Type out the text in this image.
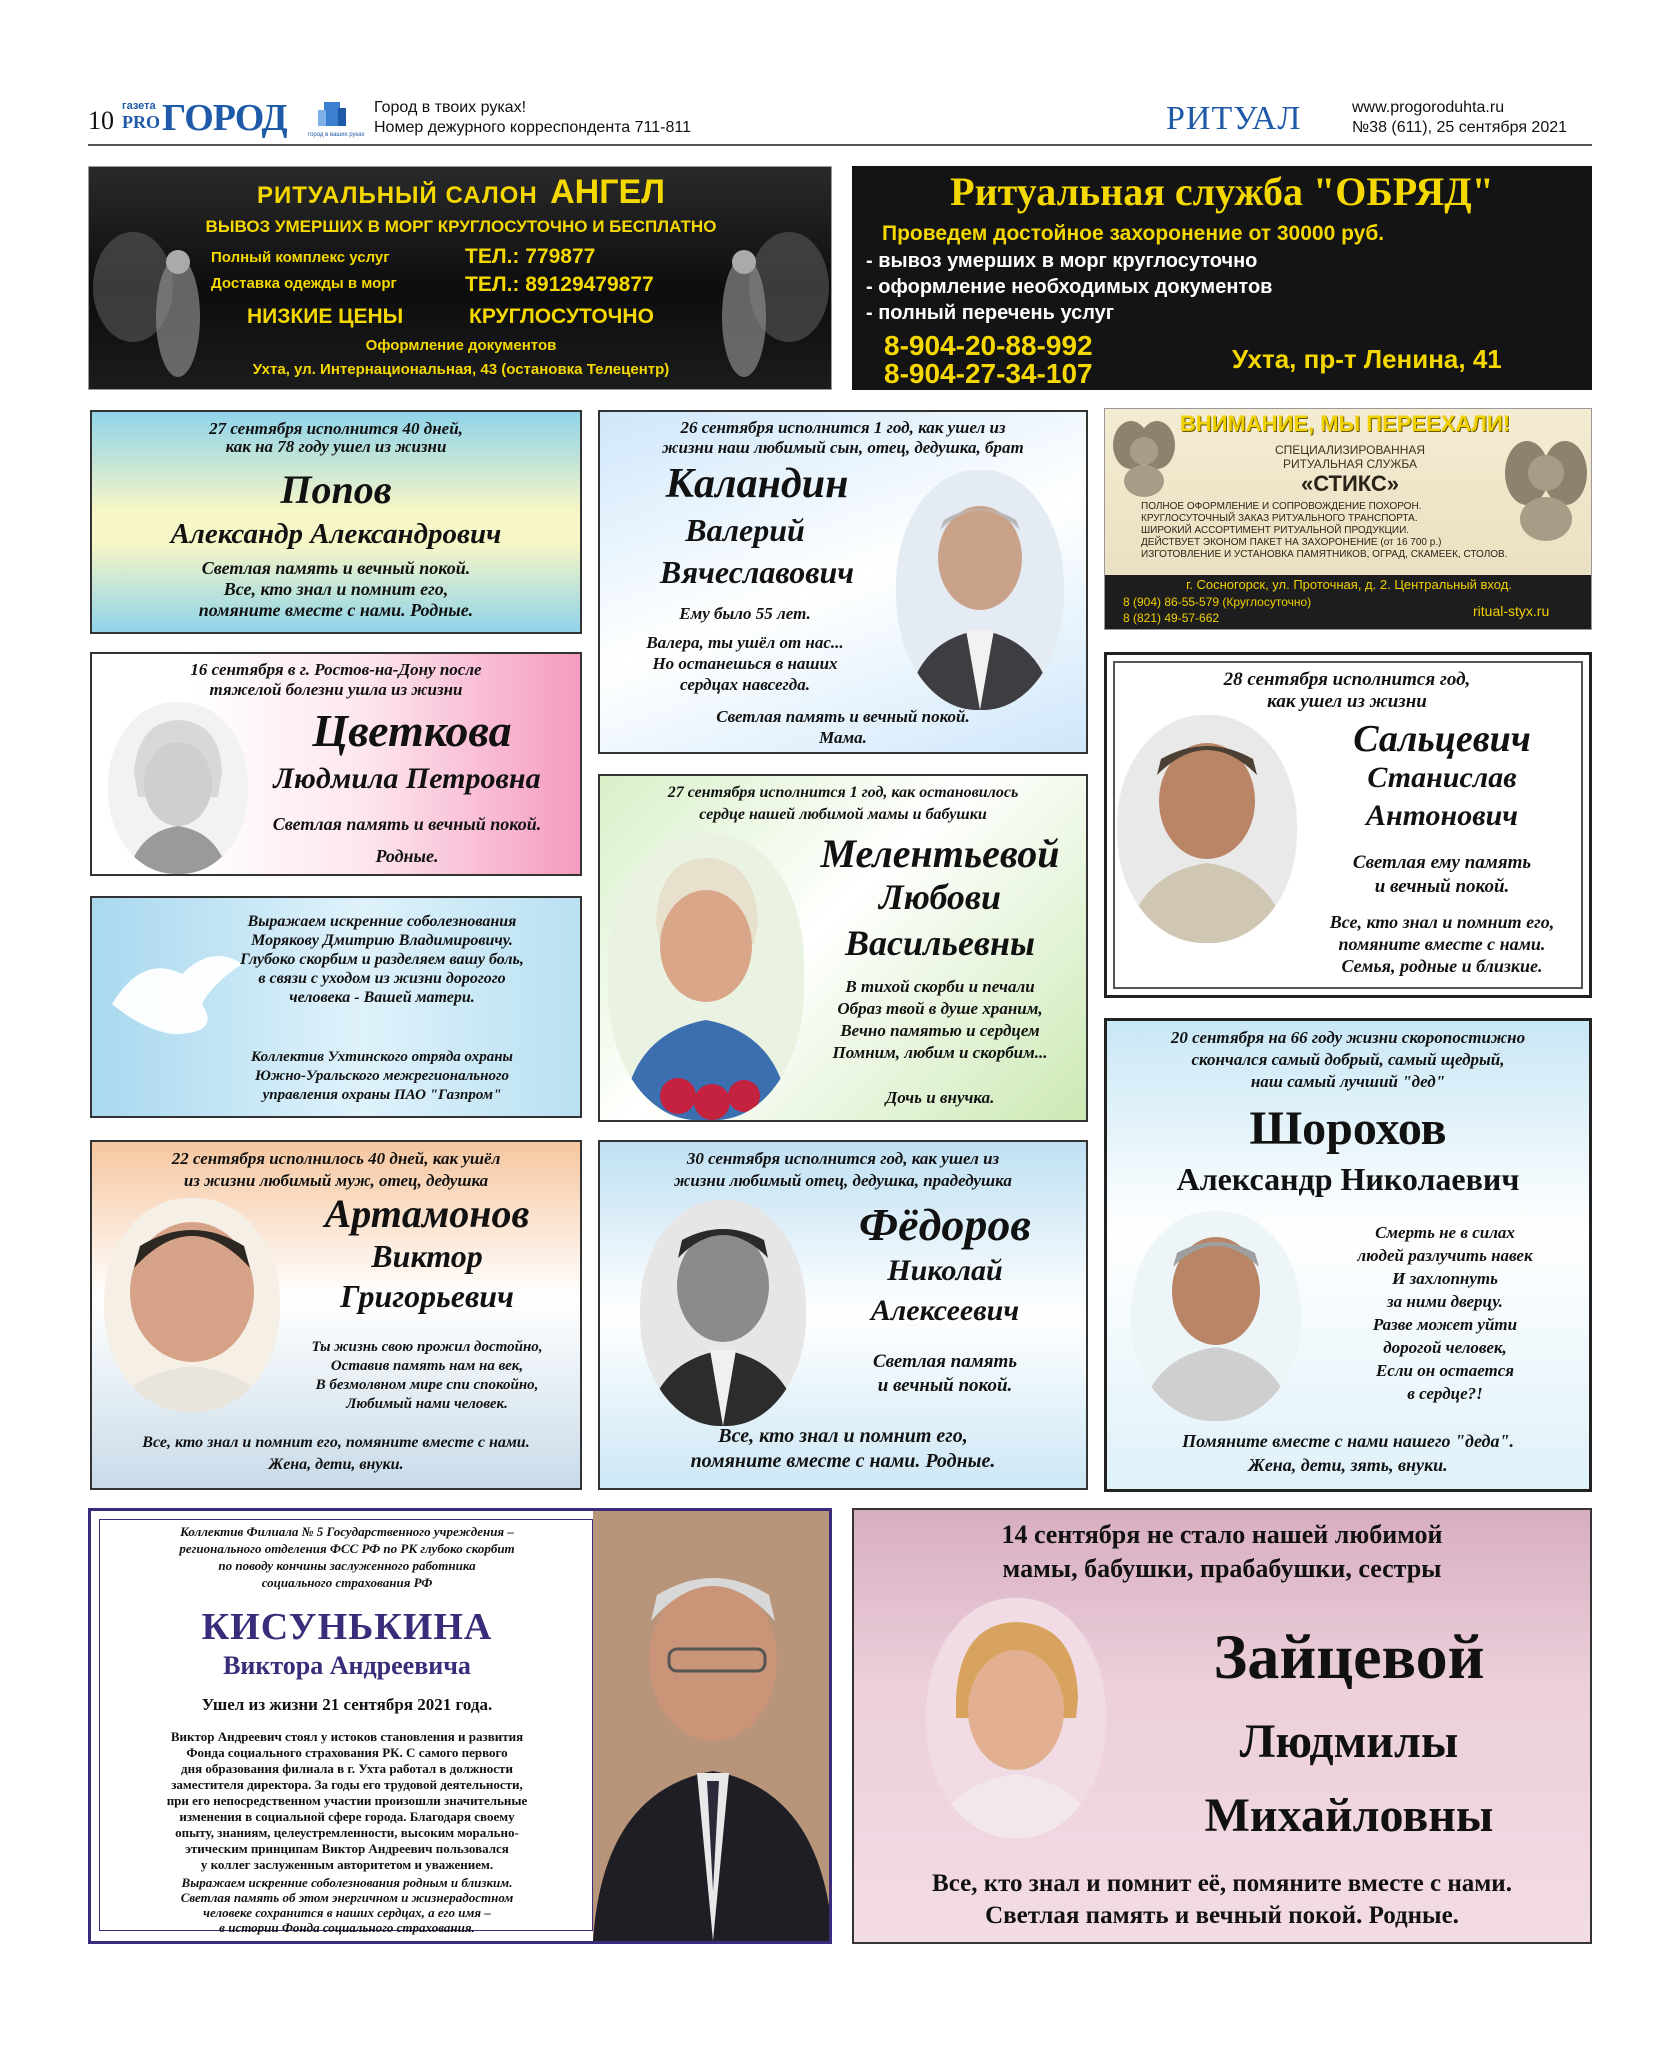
10 газета
PRO ГОРОД	город в ваших руках
Город в твоих руках!
Номер дежурного корреспондента 711-811	РИТУАЛ	www.progoroduhta.ru
№38 (611), 25 сентября 2021
РИТУАЛЬНЫЙ САЛОН АНГЕЛ
ВЫВОЗ УМЕРШИХ В МОРГ КРУГЛОСУТОЧНО И БЕСПЛАТНО
Полный комплекс услуг
Доставка одежды в морг
ТЕЛ.: 779877
ТЕЛ.: 89129479877
НИЗКИЕ ЦЕНЫ	КРУГЛОСУТОЧНО
Оформление документов
Ухта, ул. Интернациональная, 43 (остановка Телецентр)
Ритуальная служба "ОБРЯД"
Проведем достойное захоронение от 30000 руб.
- вывоз умерших в морг круглосуточно
- оформление необходимых документов
- полный перечень услуг
8-904-20-88-992
8-904-27-34-107	Ухта, пр-т Ленина, 41
ВНИМАНИЕ, МЫ ПЕРЕЕХАЛИ!
СПЕЦИАЛИЗИРОВАННАЯ
РИТУАЛЬНАЯ СЛУЖБА
«СТИКС»
ПОЛНОЕ ОФОРМЛЕНИЕ И СОПРОВОЖДЕНИЕ ПОХОРОН.
КРУГЛОСУТОЧНЫЙ ЗАКАЗ РИТУАЛЬНОГО ТРАНСПОРТА.
ШИРОКИЙ АССОРТИМЕНТ РИТУАЛЬНОЙ ПРОДУКЦИИ.
ДЕЙСТВУЕТ ЭКОНОМ ПАКЕТ НА ЗАХОРОНЕНИЕ (от 16 700 р.)
ИЗГОТОВЛЕНИЕ И УСТАНОВКА ПАМЯТНИКОВ, ОГРАД, СКАМЕЕК, СТОЛОВ.
г. Сосногорск, ул. Проточная, д. 2. Центральный вход.
8 (904) 86-55-579 (Круглосуточно)
8 (821) 49-57-662	ritual-styx.ru
27 сентября исполнится 40 дней,
как на 78 году ушел из жизни
Попов
Александр Александрович
Светлая память и вечный покой.
Все, кто знал и помнит его,
помяните вместе с нами. Родные.
26 сентября исполнится 1 год, как ушел из
жизни наш любимый сын, отец, дедушка, брат
Каландин
Валерий
Вячеславович
Ему было 55 лет.
Валера, ты ушёл от нас...
Но останешься в наших
сердцах навсегда.
Светлая память и вечный покой.
Мама.
16 сентября в г. Ростов-на-Дону после
тяжелой болезни ушла из жизни
Цветкова
Людмила Петровна
Светлая память и вечный покой.
Родные.
28 сентября исполнится год,
как ушел из жизни
Сальцевич
Станислав
Антонович
Светлая ему память
и вечный покой.
Все, кто знал и помнит его,
помяните вместе с нами.
Семья, родные и близкие.
27 сентября исполнится 1 год, как остановилось
сердце нашей любимой мамы и бабушки
Мелентьевой
Любови
Васильевны
В тихой скорби и печали
Образ твой в душе храним,
Вечно памятью и сердцем
Помним, любим и скорбим...
Дочь и внучка.
Выражаем искренние соболезнования
Морякову Дмитрию Владимировичу.
Глубоко скорбим и разделяем вашу боль,
в связи с уходом из жизни дорогого
человека - Вашей матери.
Коллектив Ухтинского отряда охраны
Южно-Уральского межрегионального
управления охраны ПАО "Газпром"
20 сентября на 66 году жизни скоропостижно
скончался самый добрый, самый щедрый,
наш самый лучший "дед"
Шорохов
Александр Николаевич
Смерть не в силах
людей разлучить навек
И захлопнуть
за ними дверцу.
Разве может уйти
дорогой человек,
Если он остается
в сердце?!
Помяните вместе с нами нашего "деда".
Жена, дети, зять, внуки.
22 сентября исполнилось 40 дней, как ушёл
из жизни любимый муж, отец, дедушка
Артамонов
Виктор
Григорьевич
Ты жизнь свою прожил достойно,
Оставив память нам на век,
В безмолвном мире спи спокойно,
Любимый нами человек.
Все, кто знал и помнит его, помяните вместе с нами.
Жена, дети, внуки.
30 сентября исполнится год, как ушел из
жизни любимый отец, дедушка, прадедушка
Фёдоров
Николай
Алексеевич
Светлая память
и вечный покой.
Все, кто знал и помнит его,
помяните вместе с нами. Родные.
Коллектив Филиала № 5 Государственного учреждения –
регионального отделения ФСС РФ по РК глубоко скорбит
по поводу кончины заслуженного работника
социального страхования РФ
КИСУНЬКИНА
Виктора Андреевича
Ушел из жизни 21 сентября 2021 года.
Виктор Андреевич стоял у истоков становления и развития
Фонда социального страхования РК. С самого первого
дня образования филиала в г. Ухта работал в должности
заместителя директора. За годы его трудовой деятельности,
при его непосредственном участии произошли значительные
изменения в социальной сфере города. Благодаря своему
опыту, знаниям, целеустремленности, высоким морально-
этическим принципам Виктор Андреевич пользовался
у коллег заслуженным авторитетом и уважением.
Выражаем искренние соболезнования родным и близким.
Светлая память об этом энергичном и жизнерадостном
человеке сохранится в наших сердцах, а его имя –
в истории Фонда социального страхования.
14 сентября не стало нашей любимой
мамы, бабушки, прабабушки, сестры
Зайцевой
Людмилы
Михайловны
Все, кто знал и помнит её, помяните вместе с нами.
Светлая память и вечный покой. Родные.
